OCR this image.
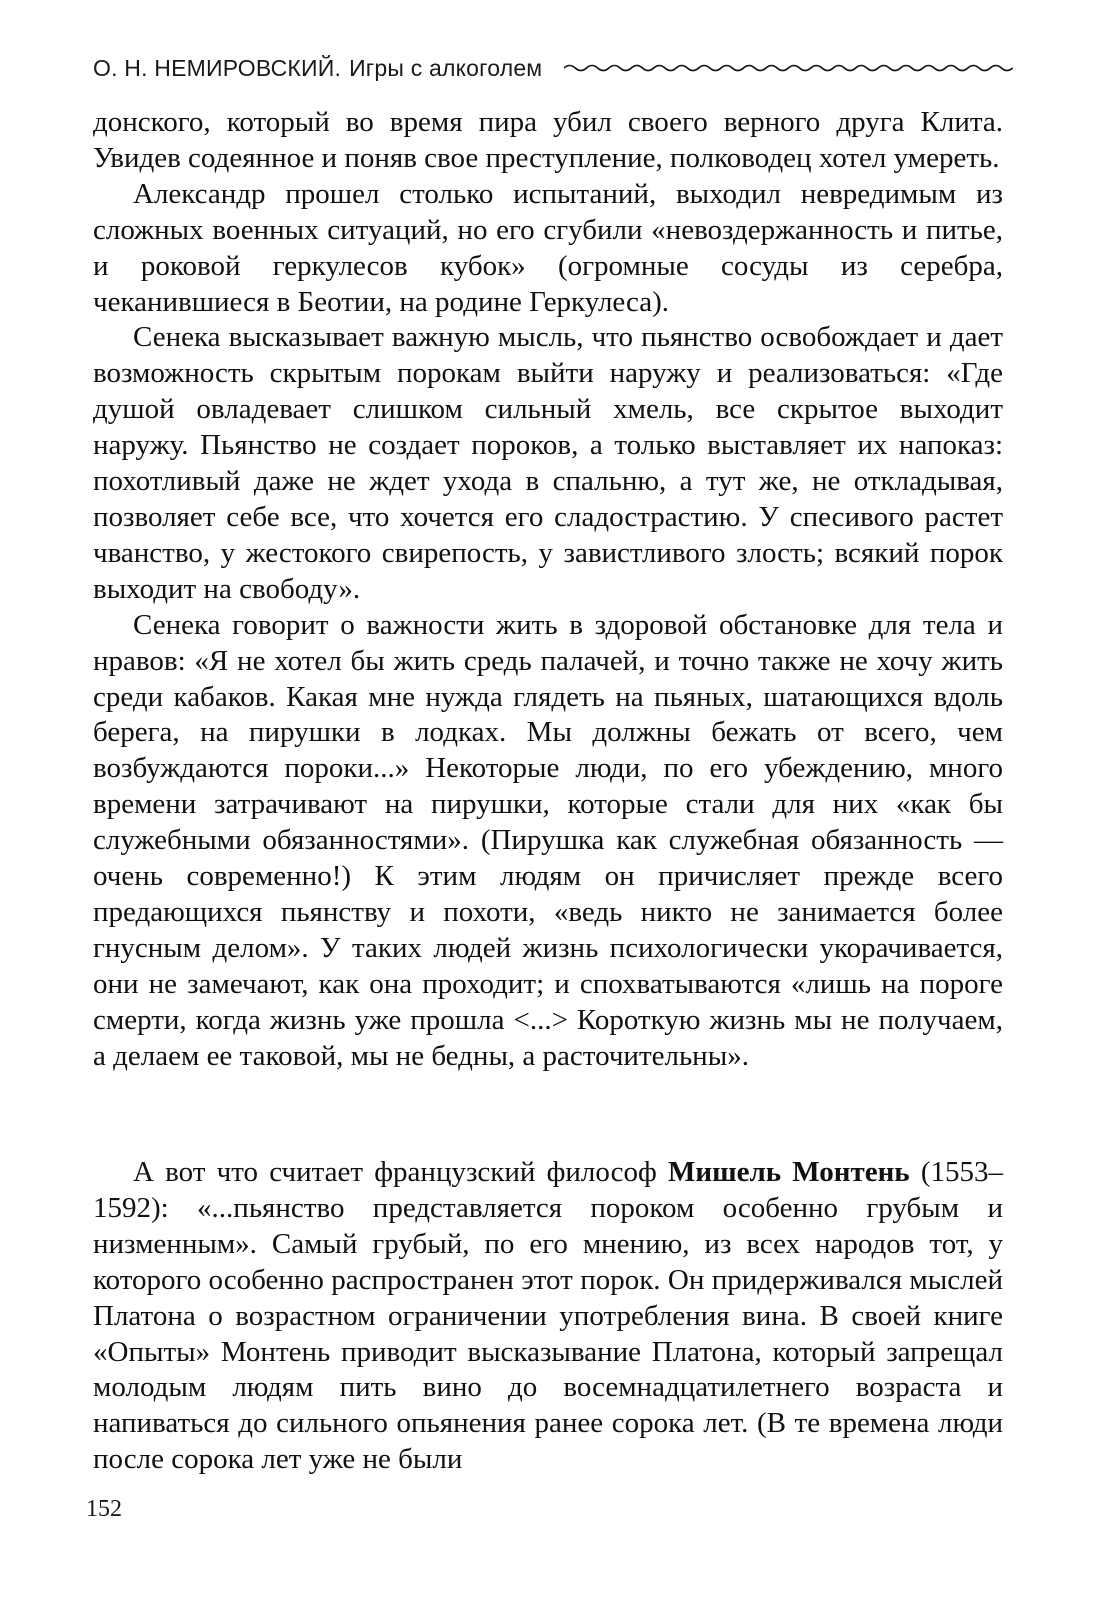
О. Н. НЕМИРОВСКИЙ. Игры с алкоголем

донского, который во время пира убил своего верного друга Клита. Увидев содеянное и поняв свое преступление, полководец хотел умереть.

Александр прошел столько испытаний, выходил невредимым из сложных военных ситуаций, но его сгубили «невоздержанность и питье, и роковой геркулесов кубок» (огромные сосуды из серебра, чеканившиеся в Беотии, на родине Геркулеса).

Сенека высказывает важную мысль, что пьянство освобождает и дает возможность скрытым порокам выйти наружу и реализоваться: «Где душой овладевает слишком сильный хмель, все скрытое выходит наружу. Пьянство не создает пороков, а только выставляет их напоказ: похотливый даже не ждет ухода в спальню, а тут же, не откладывая, позволяет себе все, что хочется его сладострастию. У спесивого растет чванство, у жестокого свирепость, у завистливого злость; всякий порок выходит на свободу».

Сенека говорит о важности жить в здоровой обстановке для тела и нравов: «Я не хотел бы жить средь палачей, и точно также не хочу жить среди кабаков. Какая мне нужда глядеть на пьяных, шатающихся вдоль берега, на пирушки в лодках. Мы должны бежать от всего, чем возбуждаются пороки...» Некоторые люди, по его убеждению, много времени затрачивают на пирушки, которые стали для них «как бы служебными обязанностями». (Пирушка как служебная обязанность — очень современно!) К этим людям он причисляет прежде всего предающихся пьянству и похоти, «ведь никто не занимается более гнусным делом». У таких людей жизнь психологически укорачивается, они не замечают, как она проходит; и спохватываются «лишь на пороге смерти, когда жизнь уже прошла <...> Короткую жизнь мы не получаем, а делаем ее таковой, мы не бедны, а расточительны».

А вот что считает французский философ Мишель Монтень (1553–1592): «...пьянство представляется пороком особенно грубым и низменным». Самый грубый, по его мнению, из всех народов тот, у которого особенно распространен этот порок. Он придерживался мыслей Платона о возрастном ограничении употребления вина. В своей книге «Опыты» Монтень приводит высказывание Платона, который запрещал молодым людям пить вино до восемнадцатилетнего возраста и напиваться до сильного опьянения ранее сорока лет. (В те времена люди после сорока лет уже не были

152
